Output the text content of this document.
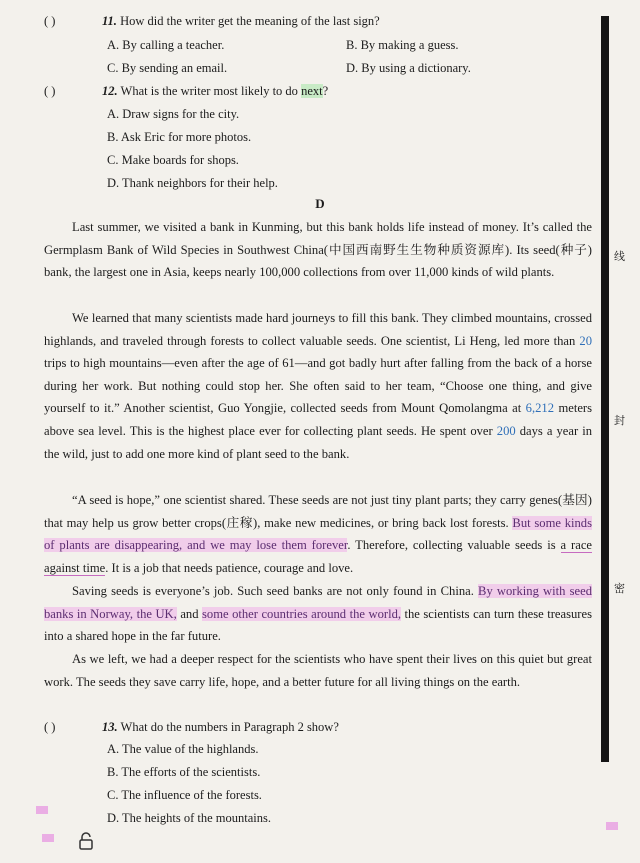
( )	11. How did the writer get the meaning of the last sign?
A. By calling a teacher.	B. By making a guess.
C. By sending an email.	D. By using a dictionary.
( )	12. What is the writer most likely to do next?
A. Draw signs for the city.
B. Ask Eric for more photos.
C. Make boards for shops.
D. Thank neighbors for their help.
D
Last summer, we visited a bank in Kunming, but this bank holds life instead of money. It’s called the Germplasm Bank of Wild Species in Southwest China(中国西南野生生物种质资源库). Its seed(种子) bank, the largest one in Asia, keeps nearly 100,000 collections from over 11,000 kinds of wild plants.
We learned that many scientists made hard journeys to fill this bank. They climbed mountains, crossed highlands, and traveled through forests to collect valuable seeds. One scientist, Li Heng, led more than 20 trips to high mountains—even after the age of 61—and got badly hurt after falling from the back of a horse during her work. But nothing could stop her. She often said to her team, “Choose one thing, and give yourself to it.” Another scientist, Guo Yongjie, collected seeds from Mount Qomolangma at 6,212 meters above sea level. This is the highest place ever for collecting plant seeds. He spent over 200 days a year in the wild, just to add one more kind of plant seed to the bank.
“A seed is hope,” one scientist shared. These seeds are not just tiny plant parts; they carry genes(基因) that may help us grow better crops(庄稼), make new medicines, or bring back lost forests. But some kinds of plants are disappearing, and we may lose them forever. Therefore, collecting valuable seeds is a race against time. It is a job that needs patience, courage and love.
Saving seeds is everyone’s job. Such seed banks are not only found in China. By working with seed banks in Norway, the UK, and some other countries around the world, the scientists can turn these treasures into a shared hope in the far future.
As we left, we had a deeper respect for the scientists who have spent their lives on this quiet but great work. The seeds they save carry life, hope, and a better future for all living things on the earth.
( )	13. What do the numbers in Paragraph 2 show?
A. The value of the highlands.
B. The efforts of the scientists.
C. The influence of the forests.
D. The heights of the mountains.
线
封
密
